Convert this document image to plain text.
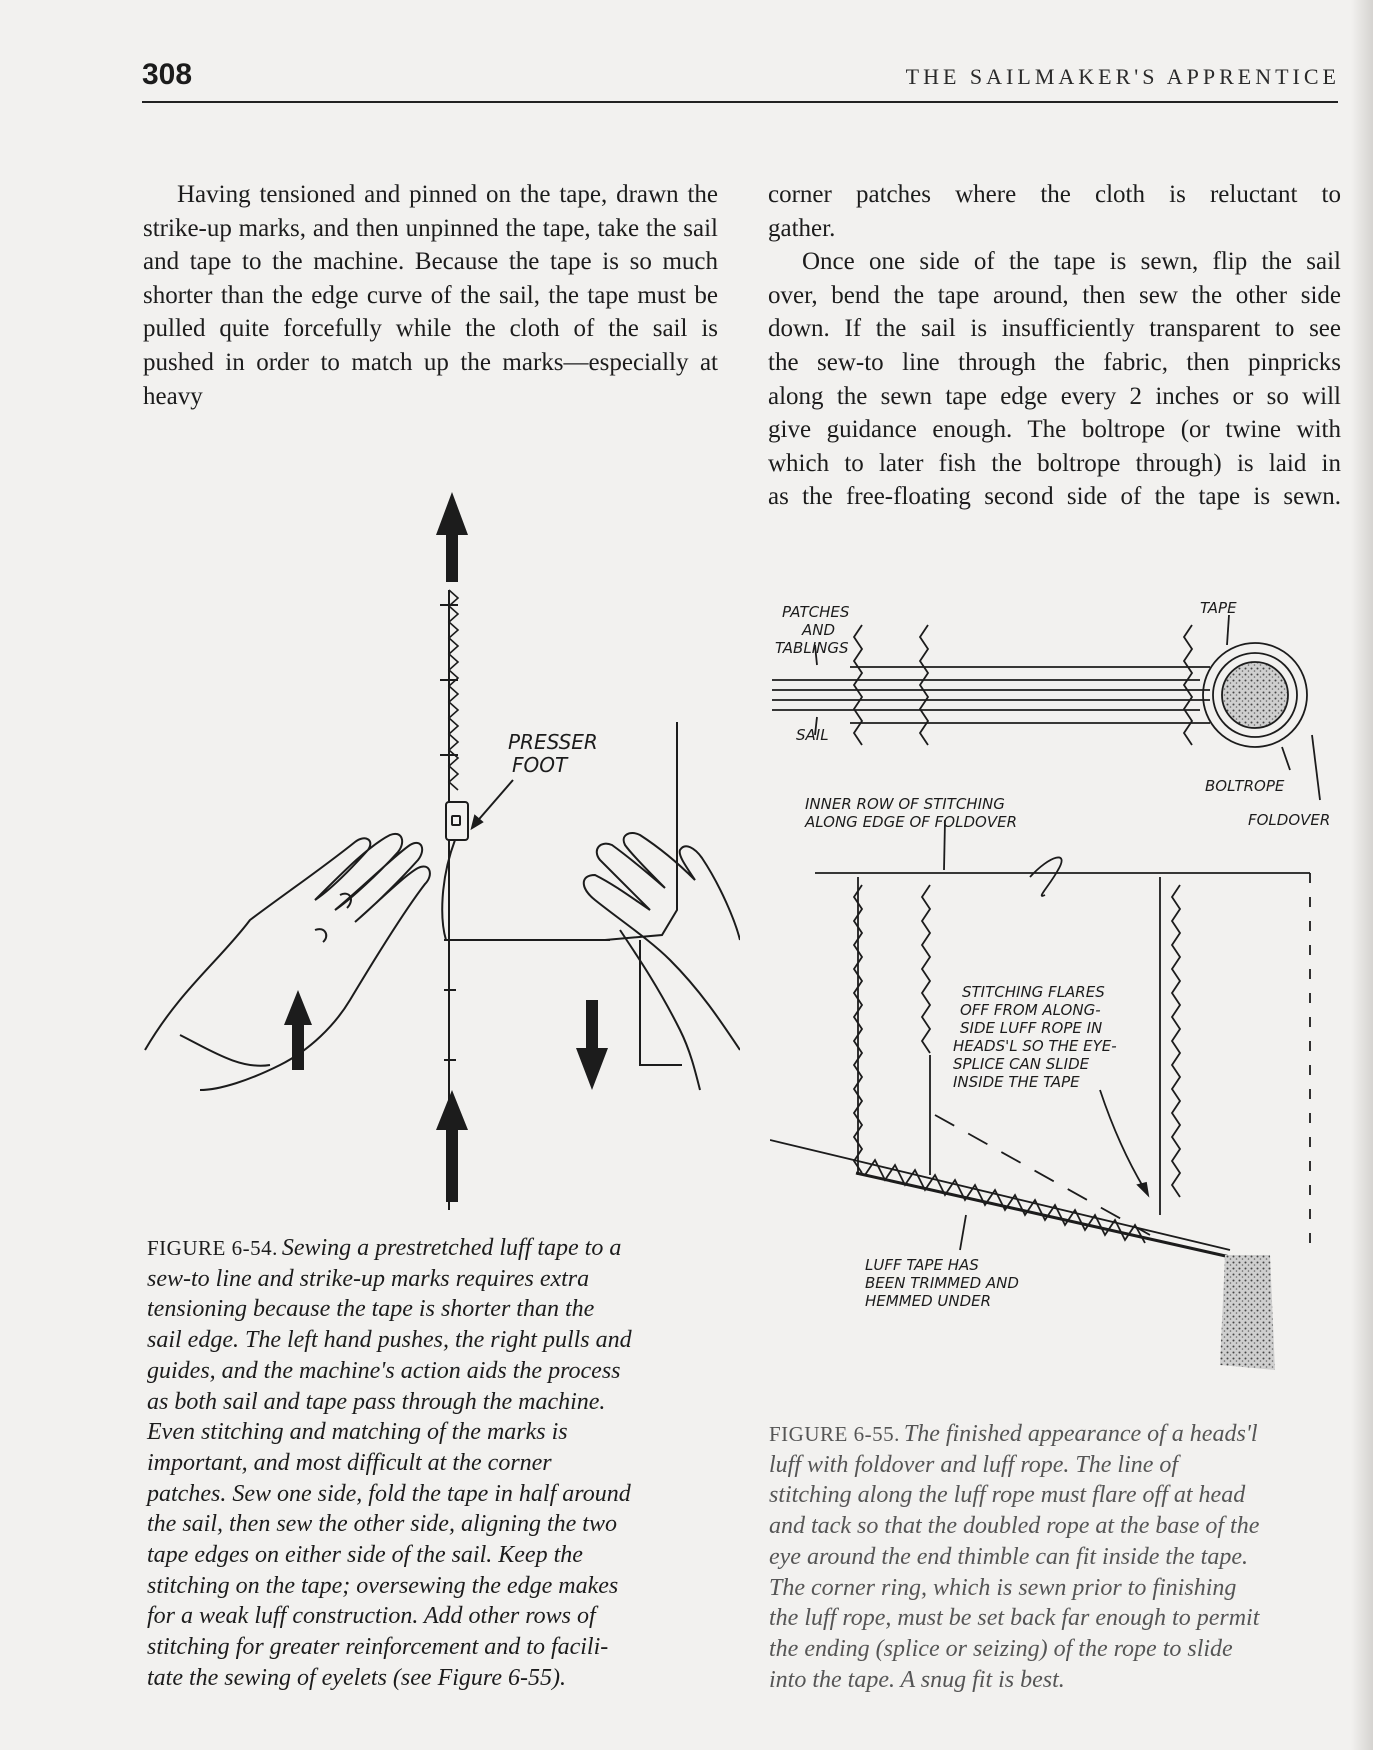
308	THE SAILMAKER'S APPRENTICE

Having tensioned and pinned on the tape, drawn the strike-up marks, and then unpinned the tape, take the sail and tape to the machine. Because the tape is so much shorter than the edge curve of the sail, the tape must be pulled quite forcefully while the cloth of the sail is pushed in order to match up the marks—especially at heavy

corner patches where the cloth is reluctant to
gather.
Once one side of the tape is sewn, flip the sail
over, bend the tape around, then sew the other side
down. If the sail is insufficiently transparent to see
the sew-to line through the fabric, then pinpricks
along the sewn tape edge every 2 inches or so will
give guidance enough. The boltrope (or twine with
which to later fish the boltrope through) is laid in
as the free-floating second side of the tape is sewn.
PRESSER
FOOT
FIGURE 6-54. Sewing a prestretched luff tape to a
sew-to line and strike-up marks requires extra
tensioning because the tape is shorter than the
sail edge. The left hand pushes, the right pulls and
guides, and the machine's action aids the process
as both sail and tape pass through the machine.
Even stitching and matching of the marks is
important, and most difficult at the corner
patches. Sew one side, fold the tape in half around
the sail, then sew the other side, aligning the two
tape edges on either side of the sail. Keep the
stitching on the tape; oversewing the edge makes
for a weak luff construction. Add other rows of
stitching for greater reinforcement and to facili-
tate the sewing of eyelets (see Figure 6-55).
PATCHES
AND
TABLINGS
SAIL
TAPE
BOLTROPE
FOLDOVER
INNER ROW OF STITCHING
ALONG EDGE OF FOLDOVER
STITCHING FLARES
OFF FROM ALONG-
SIDE LUFF ROPE IN
HEADS'L SO THE EYE-
SPLICE CAN SLIDE
INSIDE THE TAPE
LUFF TAPE HAS
BEEN TRIMMED AND
HEMMED UNDER
FIGURE 6-55. The finished appearance of a heads'l
luff with foldover and luff rope. The line of
stitching along the luff rope must flare off at head
and tack so that the doubled rope at the base of the
eye around the end thimble can fit inside the tape.
The corner ring, which is sewn prior to finishing
the luff rope, must be set back far enough to permit
the ending (splice or seizing) of the rope to slide
into the tape. A snug fit is best.
